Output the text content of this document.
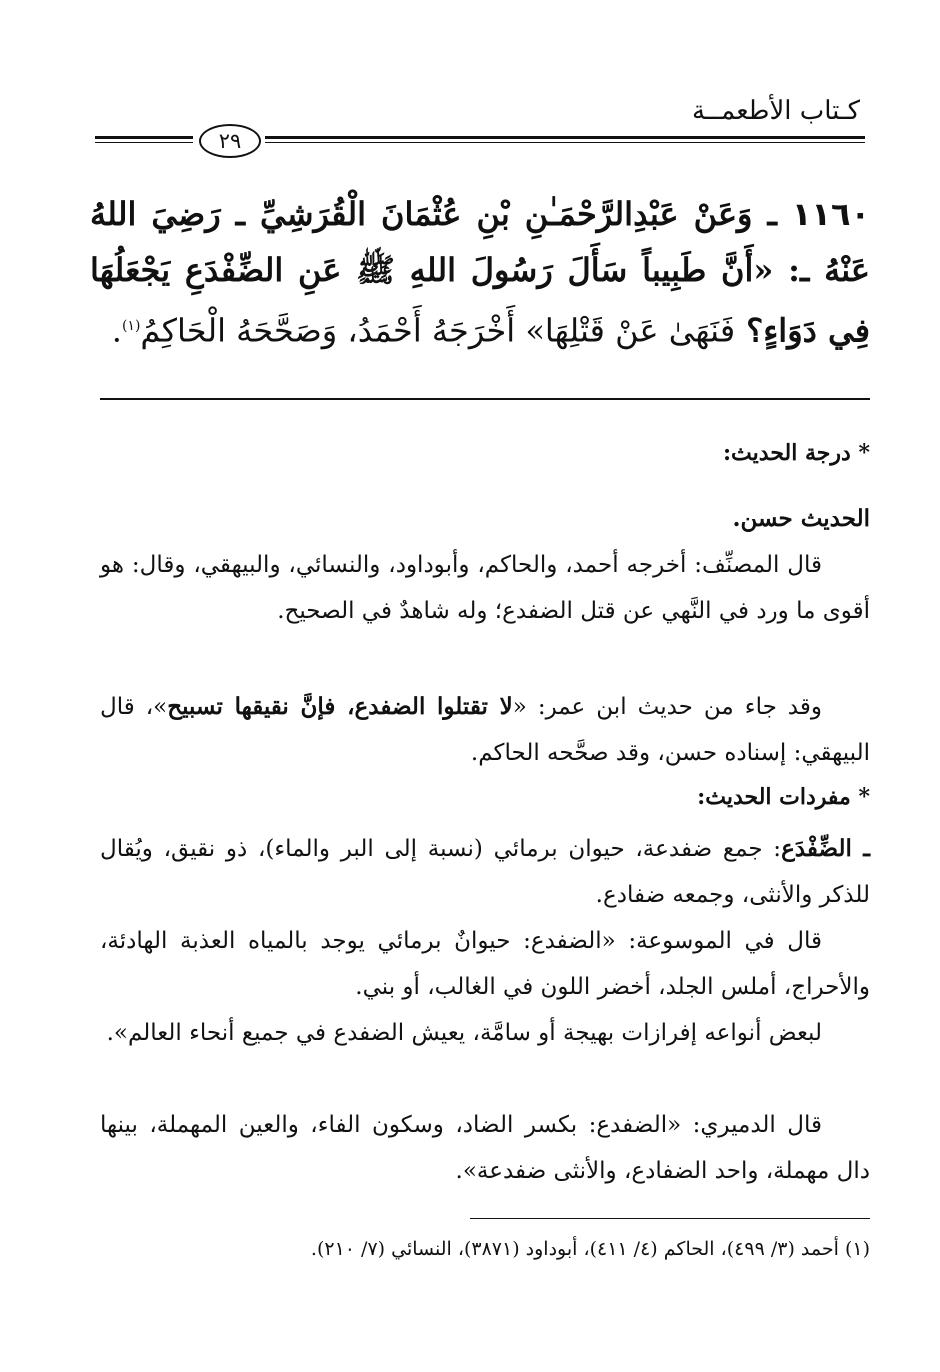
كـتاب الأطعمــة
٢٩
١١٦٠ ـ وَعَنْ عَبْدِالرَّحْمَـٰنِ بْنِ عُثْمَانَ الْقُرَشِيِّ ـ رَضِيَ اللهُ عَنْهُ ـ: «أَنَّ طَبِيباً سَأَلَ رَسُولَ اللهِ ﷺ عَنِ الضِّفْدَعِ يَجْعَلُهَا فِي دَوَاءٍ؟ فَنَهَىٰ عَنْ قَتْلِهَا» أَخْرَجَهُ أَحْمَدُ، وَصَحَّحَهُ الْحَاكِمُ$^{(١)}$.
* درجة الحديث:
الحديث حسن.
قال المصنِّف: أخرجه أحمد، والحاكم، وأبوداود، والنسائي، والبيهقي، وقال: هو أقوى ما ورد في النَّهي عن قتل الضفدع؛ وله شاهدٌ في الصحيح.
وقد جاء من حديث ابن عمر: «لا تقتلوا الضفدع، فإنَّ نقيقها تسبيح»، قال البيهقي: إسناده حسن، وقد صحَّحه الحاكم.
* مفردات الحديث:
ـ الضِّفْدَع: جمع ضفدعة، حيوان برمائي (نسبة إلى البر والماء)، ذو نقيق، ويُقال للذكر والأنثى، وجمعه ضفادع.
قال في الموسوعة: «الضفدع: حيوانٌ برمائي يوجد بالمياه العذبة الهادئة، والأحراج، أملس الجلد، أخضر اللون في الغالب، أو بني.
لبعض أنواعه إفرازات بهيجة أو سامَّة، يعيش الضفدع في جميع أنحاء العالم».
قال الدميري: «الضفدع: بكسر الضاد، وسكون الفاء، والعين المهملة، بينها دال مهملة، واحد الضفادع، والأنثى ضفدعة».
(١) أحمد (٣/ ٤٩٩)، الحاكم (٤/ ٤١١)، أبوداود (٣٨٧١)، النسائي (٧/ ٢١٠).
